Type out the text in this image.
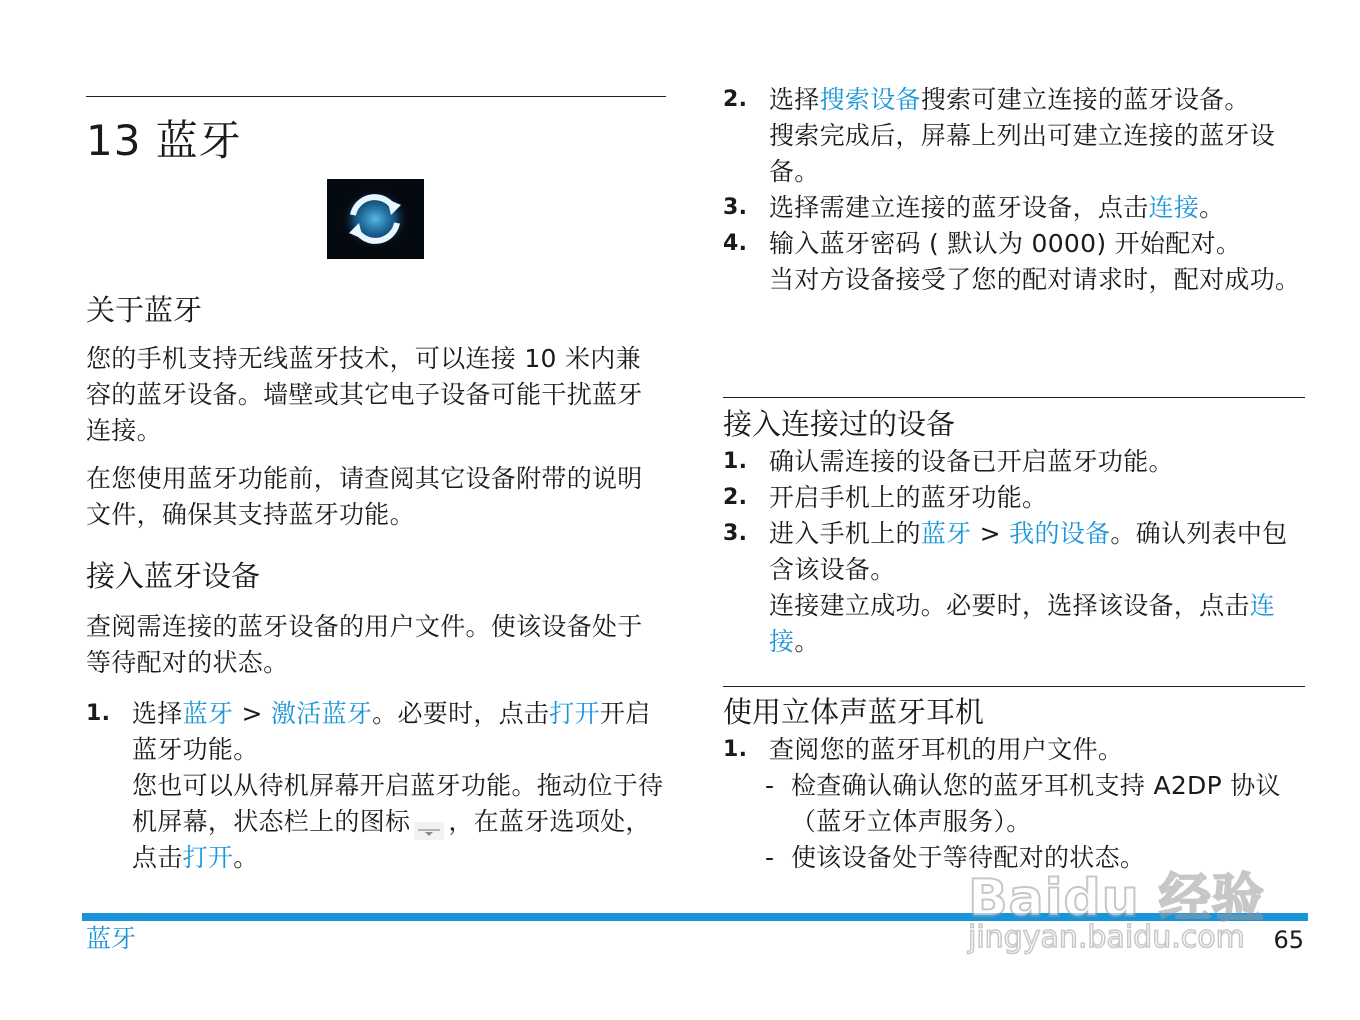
13 蓝牙
关于蓝牙

您的手机支持无线蓝牙技术，可以连接 10 米内兼容的蓝牙设备。墙壁或其它电子设备可能干扰蓝牙连接。

在您使用蓝牙功能前，请查阅其它设备附带的说明文件，确保其支持蓝牙功能。

接入蓝牙设备

查阅需连接的蓝牙设备的用户文件。使该设备处于等待配对的状态。

1. 选择蓝牙 > 激活蓝牙。必要时，点击打开开启蓝牙功能。
您也可以从待机屏幕开启蓝牙功能。拖动位于待机屏幕，状态栏上的图标 ，在蓝牙选项处，点击打开。
2. 选择搜索设备搜索可建立连接的蓝牙设备。
搜索完成后，屏幕上列出可建立连接的蓝牙设备。
3. 选择需建立连接的蓝牙设备，点击连接。
4. 输入蓝牙密码 ( 默认为 0000) 开始配对。
当对方设备接受了您的配对请求时，配对成功。
接入连接过的设备
1. 确认需连接的设备已开启蓝牙功能。
2. 开启手机上的蓝牙功能。
3. 进入手机上的蓝牙 > 我的设备。确认列表中包含该设备。
连接建立成功。必要时，选择该设备，点击连接。
使用立体声蓝牙耳机
1. 查阅您的蓝牙耳机的用户文件。
- 检查确认确认您的蓝牙耳机支持 A2DP 协议 （蓝牙立体声服务）。
- 使该设备处于等待配对的状态。
蓝牙	65
Baidu 经验
jingyan.baidu.com
